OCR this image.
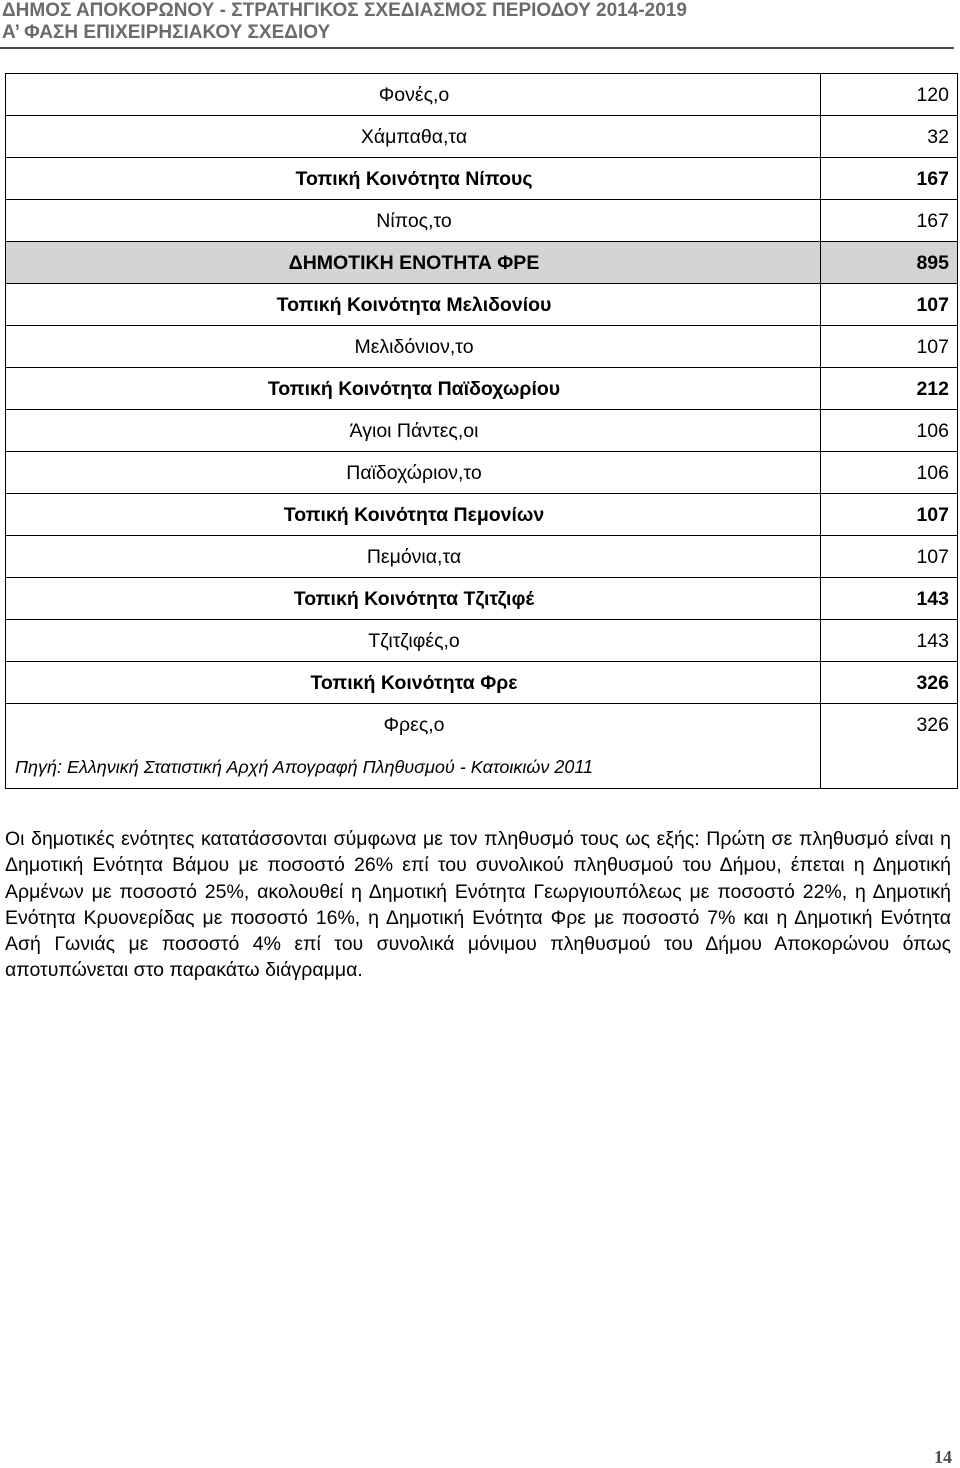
ΔΗΜΟΣ ΑΠΟΚΟΡΩΝΟΥ - ΣΤΡΑΤΗΓΙΚΟΣ ΣΧΕΔΙΑΣΜΟΣ ΠΕΡΙΟΔΟΥ 2014-2019
Α’ ΦΑΣΗ ΕΠΙΧΕΙΡΗΣΙΑΚΟΥ ΣΧΕΔΙΟΥ
Φονές,ο	120
Χάμπαθα,τα	32
Τοπική Κοινότητα Νίπους	167
Νίπος,το	167
ΔΗΜΟΤΙΚΗ ΕΝΟΤΗΤΑ ΦΡΕ	895
Τοπική Κοινότητα Μελιδονίου	107
Μελιδόνιον,το	107
Τοπική Κοινότητα Παϊδοχωρίου	212
Άγιοι Πάντες,οι	106
Παϊδοχώριον,το	106
Τοπική Κοινότητα Πεμονίων	107
Πεμόνια,τα	107
Τοπική Κοινότητα Τζιτζιφέ	143
Τζιτζιφές,ο	143
Τοπική Κοινότητα Φρε	326
Φρες,ο	326
Πηγή: Ελληνική Στατιστική Αρχή Απογραφή Πληθυσμού - Κατοικιών 2011
Οι δημοτικές ενότητες κατατάσσονται σύμφωνα με τον πληθυσμό τους ως εξής: Πρώτη σε πληθυσμό είναι η Δημοτική Ενότητα Βάμου με ποσοστό 26% επί του συνολικού πληθυσμού του Δήμου, έπεται η Δημοτική Αρμένων με ποσοστό 25%, ακολουθεί η Δημοτική Ενότητα Γεωργιουπόλεως με ποσοστό 22%, η Δημοτική Ενότητα Κρυονερίδας με ποσοστό 16%, η Δημοτική Ενότητα Φρε με ποσοστό 7% και η Δημοτική Ενότητα Ασή Γωνιάς με ποσοστό 4% επί του συνολικά μόνιμου πληθυσμού του Δήμου Αποκορώνου όπως αποτυπώνεται στο παρακάτω διάγραμμα.
14
